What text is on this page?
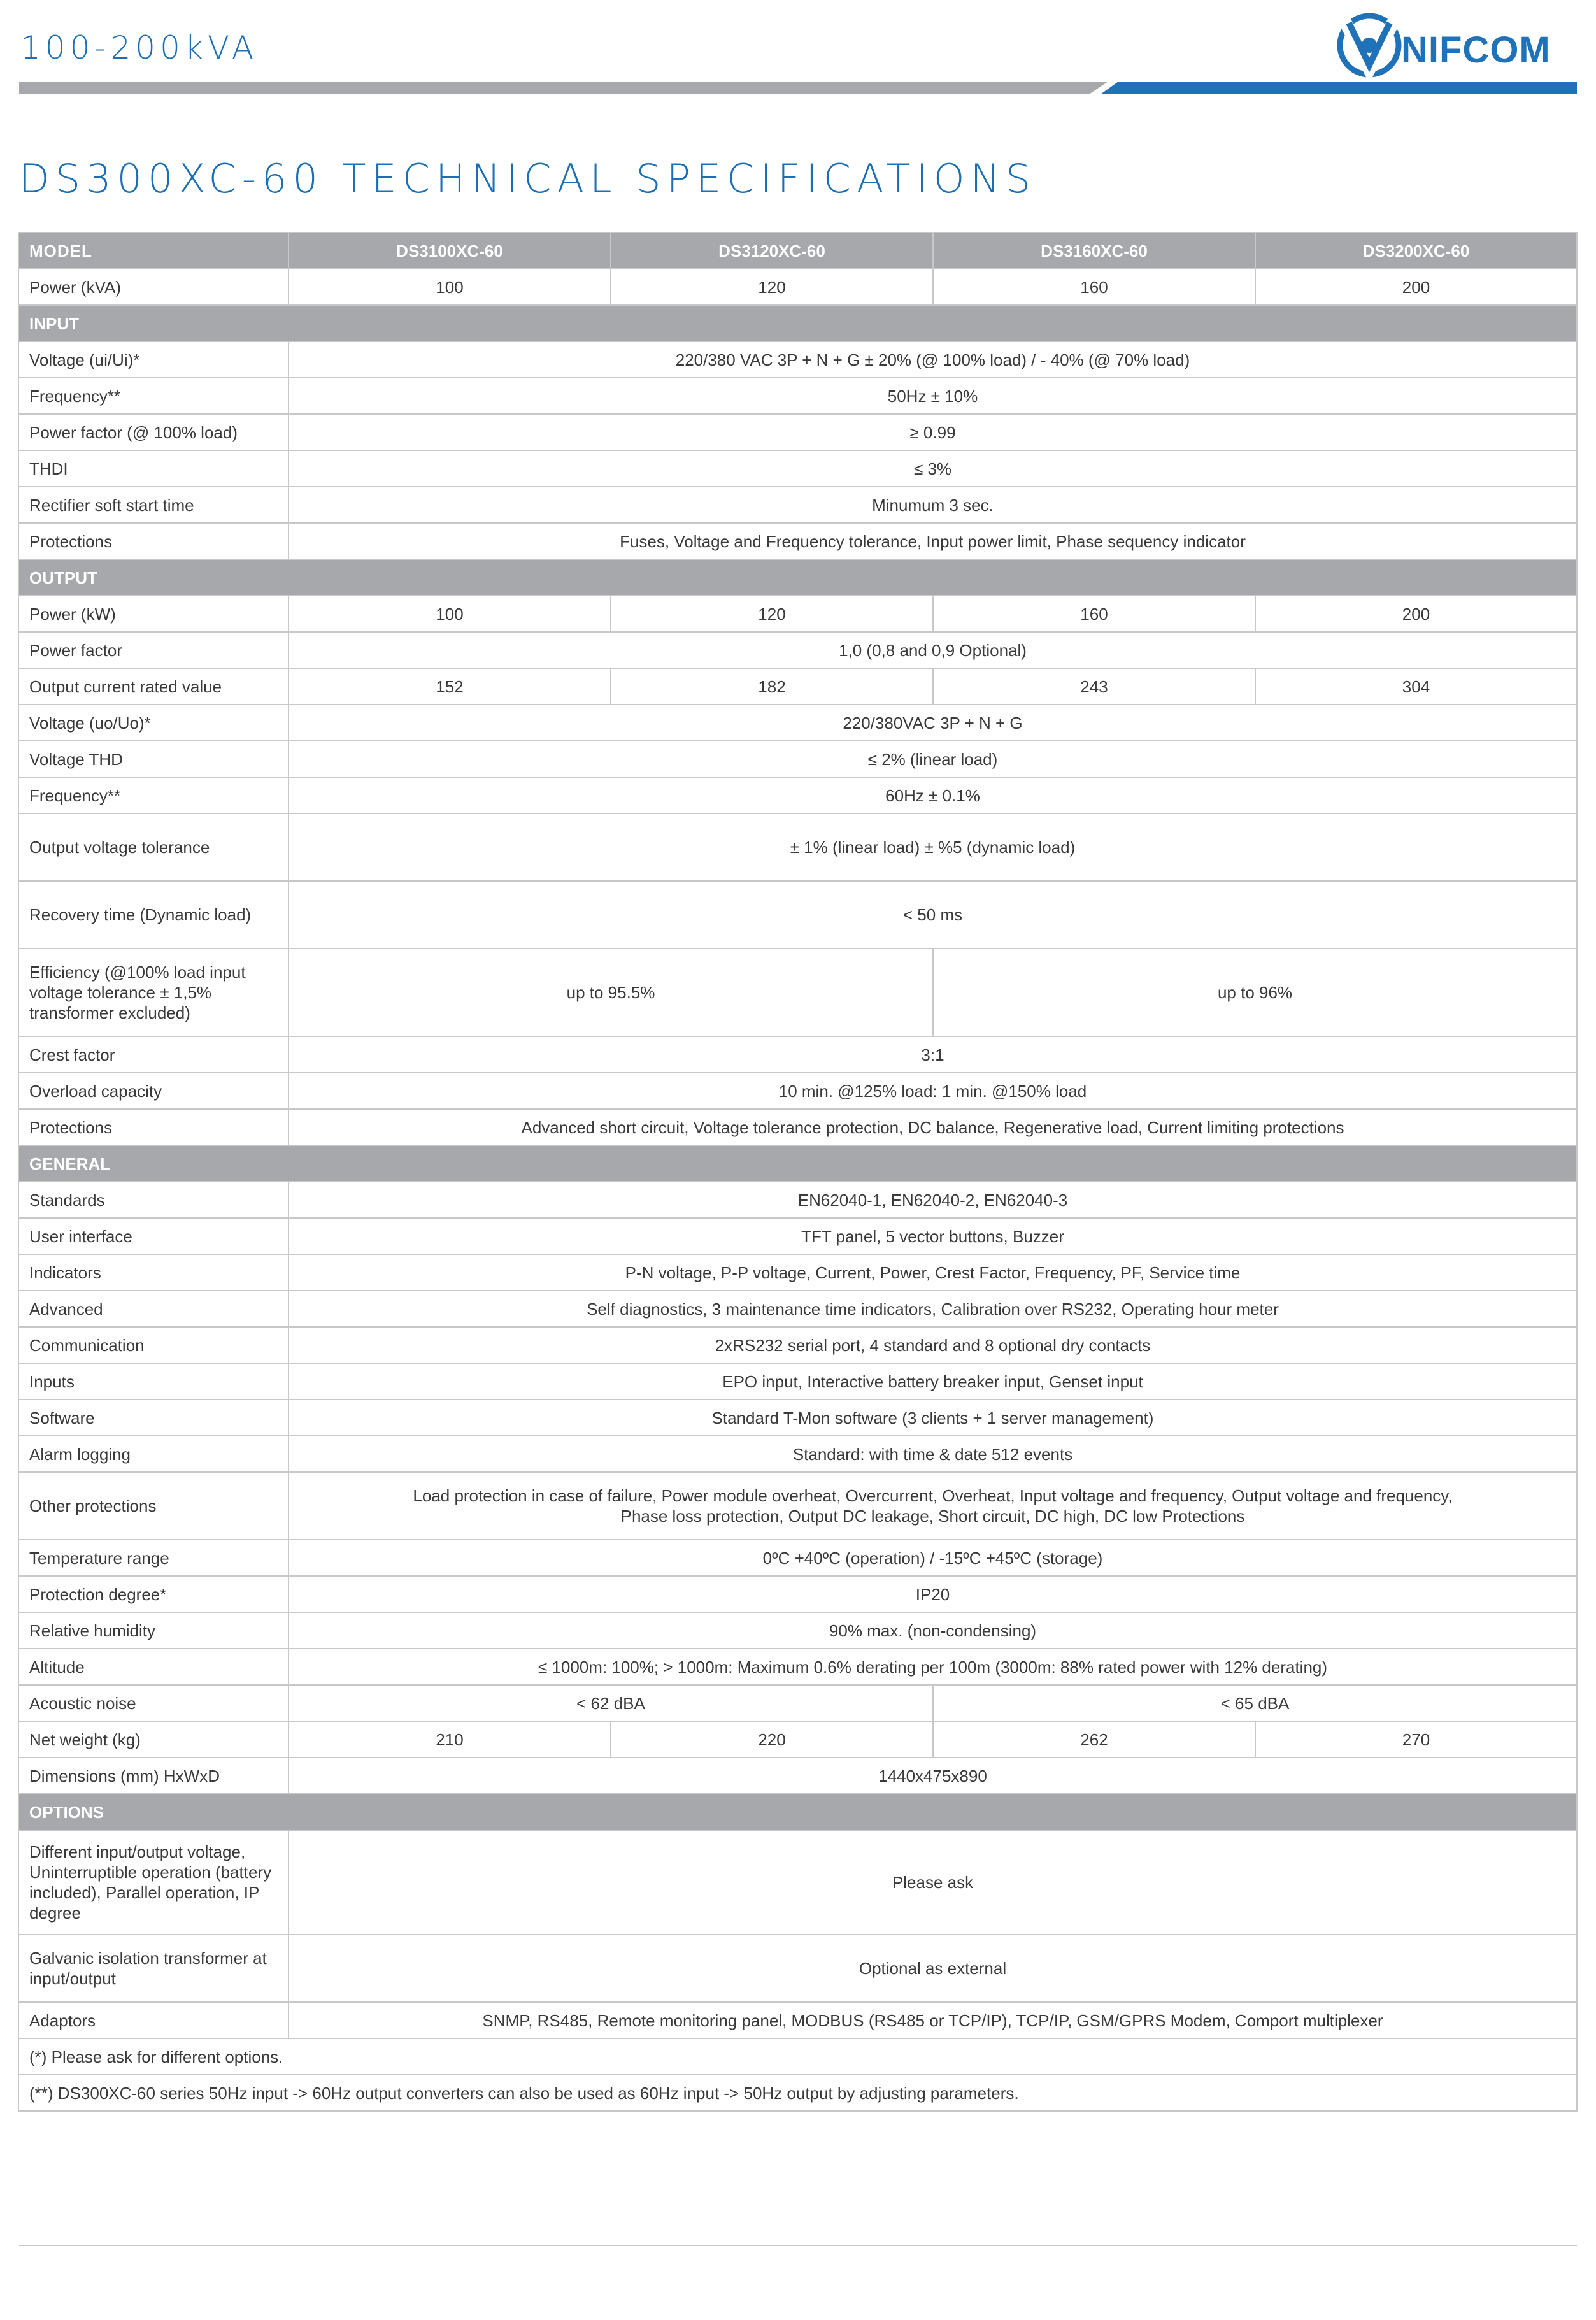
100-200kVA	NIFCOM
DS300XC-60 TECHNICAL SPECIFICATIONS
MODEL	DS3100XC-60	DS3120XC-60	DS3160XC-60	DS3200XC-60
Power (kVA)	100	120	160	200
INPUT				
Voltage (ui/Ui)*	220/380 VAC 3P + N + G ± 20% (@ 100% load) / - 40% (@ 70% load)			
Frequency**	50Hz ± 10%			
Power factor (@ 100% load)	≥ 0.99			
THDI	≤ 3%			
Rectifier soft start time	Minumum 3 sec.			
Protections	Fuses, Voltage and Frequency tolerance, Input power limit, Phase sequency indicator			
OUTPUT				
Power (kW)	100	120	160	200
Power factor	1,0 (0,8 and 0,9 Optional)			
Output current rated value	152	182	243	304
Voltage (uo/Uo)*	220/380VAC 3P + N + G			
Voltage THD	≤ 2% (linear load)			
Frequency**	60Hz ± 0.1%			
Output voltage tolerance	± 1% (linear load) ± %5 (dynamic load)			
Recovery time (Dynamic load)	< 50 ms			
Efficiency (@100% load input voltage tolerance ± 1,5% transformer excluded)	up to 95.5%		up to 96%	
Crest factor	3:1			
Overload capacity	10 min. @125% load: 1 min. @150% load			
Protections	Advanced short circuit, Voltage tolerance protection, DC balance, Regenerative load, Current limiting protections			
GENERAL				
Standards	EN62040-1, EN62040-2, EN62040-3			
User interface	TFT panel, 5 vector buttons, Buzzer			
Indicators	P-N voltage, P-P voltage, Current, Power, Crest Factor, Frequency, PF, Service time			
Advanced	Self diagnostics, 3 maintenance time indicators, Calibration over RS232, Operating hour meter			
Communication	2xRS232 serial port, 4 standard and 8 optional dry contacts			
Inputs	EPO input, Interactive battery breaker input, Genset input			
Software	Standard T-Mon software (3 clients + 1 server management)			
Alarm logging	Standard: with time & date 512 events			
Other protections	Load protection in case of failure, Power module overheat, Overcurrent, Overheat, Input voltage and frequency, Output voltage and frequency,
Phase loss protection, Output DC leakage, Short circuit, DC high, DC low Protections			

Temperature range	0ºC +40ºC (operation) / -15ºC +45ºC (storage)			
Protection degree*	IP20			
Relative humidity	90% max. (non-condensing)			
Altitude	≤ 1000m: 100%; > 1000m: Maximum 0.6% derating per 100m (3000m: 88% rated power with 12% derating)			
Acoustic noise	< 62 dBA		< 65 dBA	
Net weight (kg)	210	220	262	270
Dimensions (mm) HxWxD	1440x475x890			
OPTIONS				
Different input/output voltage, Uninterruptible operation (battery included), Parallel operation, IP degree	Please ask			
Galvanic isolation transformer at input/output	Optional as external			
Adaptors	SNMP, RS485, Remote monitoring panel, MODBUS (RS485 or TCP/IP), TCP/IP, GSM/GPRS Modem, Comport multiplexer			
(*) Please ask for different options.				
(**) DS300XC-60 series 50Hz input -> 60Hz output converters can also be used as 60Hz input -> 50Hz output by adjusting parameters.				
